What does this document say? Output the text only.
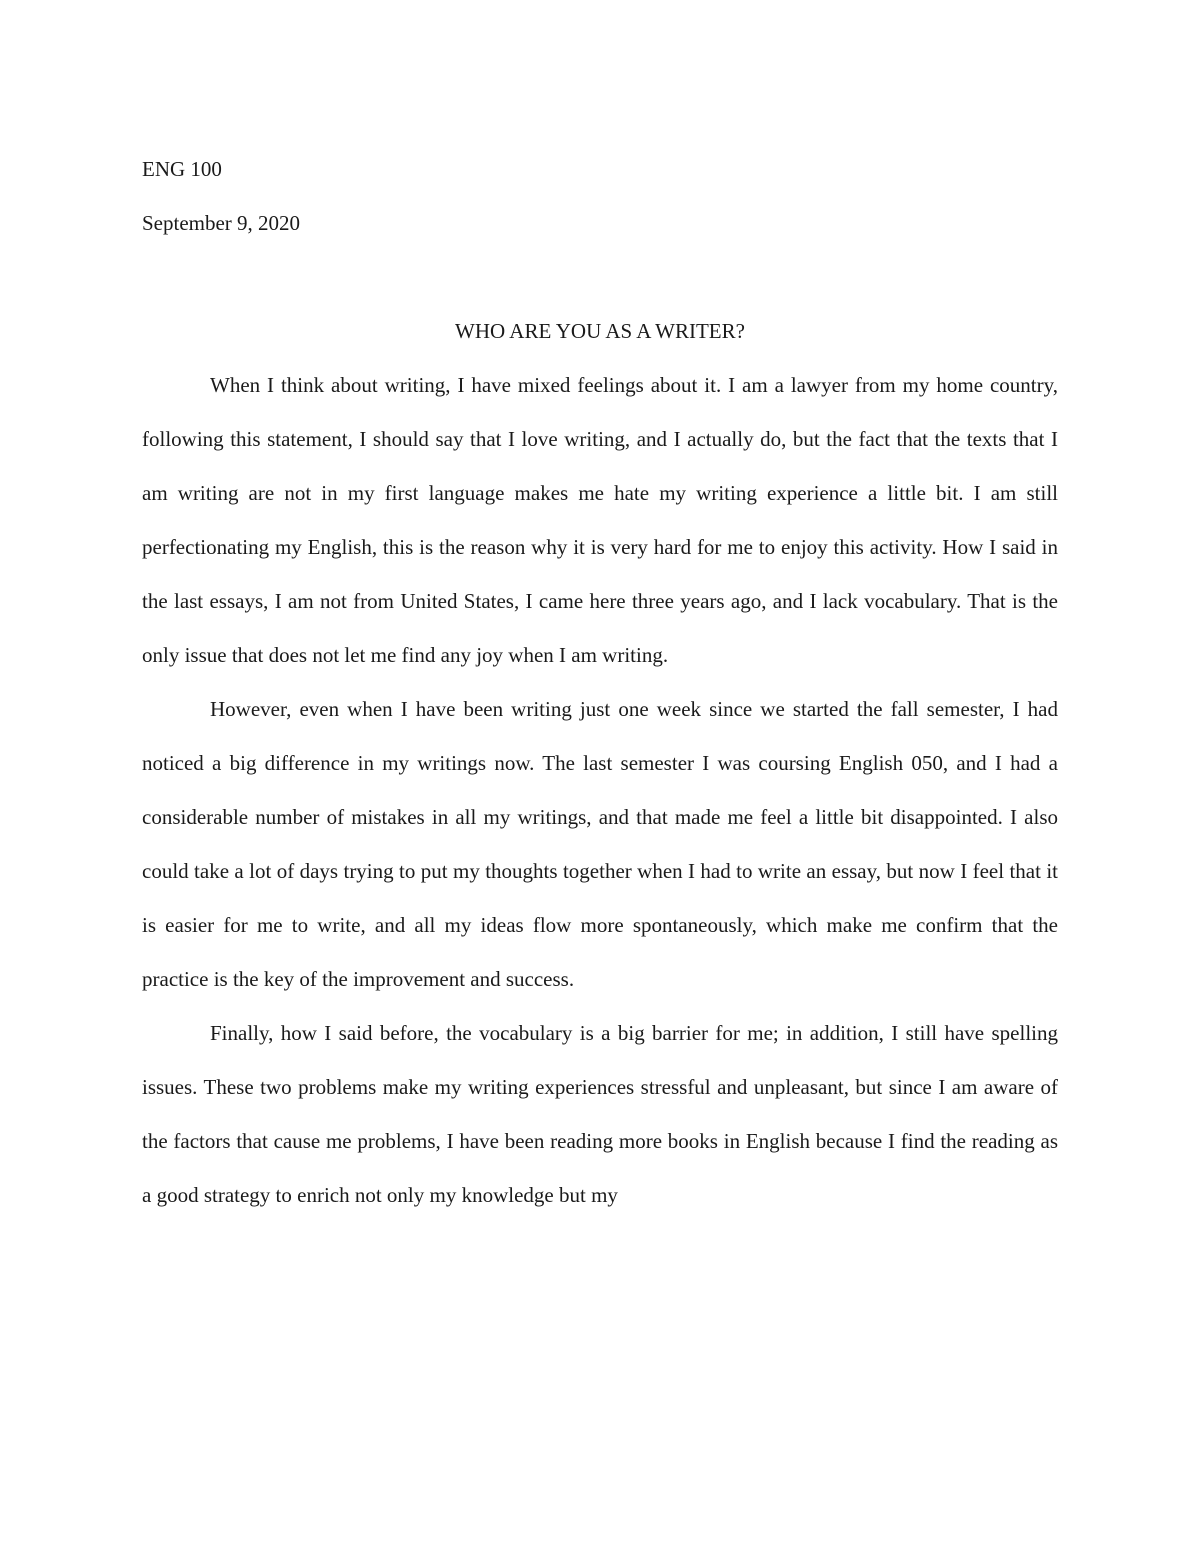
ENG 100

September 9, 2020

WHO ARE YOU AS A WRITER?

When I think about writing, I have mixed feelings about it. I am a lawyer from my home country, following this statement, I should say that I love writing, and I actually do, but the fact that the texts that I am writing are not in my first language makes me hate my writing experience a little bit. I am still perfectionating my English, this is the reason why it is very hard for me to enjoy this activity. How I said in the last essays, I am not from United States, I came here three years ago, and I lack vocabulary. That is the only issue that does not let me find any joy when I am writing.

However, even when I have been writing just one week since we started the fall semester, I had noticed a big difference in my writings now. The last semester I was coursing English 050, and I had a considerable number of mistakes in all my writings, and that made me feel a little bit disappointed. I also could take a lot of days trying to put my thoughts together when I had to write an essay, but now I feel that it is easier for me to write, and all my ideas flow more spontaneously, which make me confirm that the practice is the key of the improvement and success.

Finally, how I said before, the vocabulary is a big barrier for me; in addition, I still have spelling issues. These two problems make my writing experiences stressful and unpleasant, but since I am aware of the factors that cause me problems, I have been reading more books in English because I find the reading as a good strategy to enrich not only my knowledge but my
